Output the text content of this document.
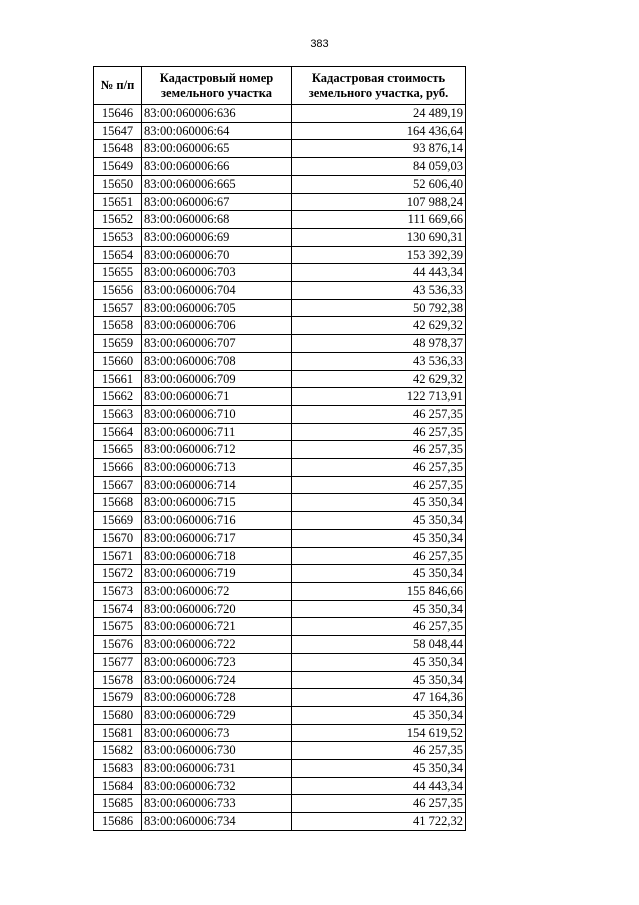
383
№ п/п	Кадастровый номер земельного участка	Кадастровая стоимость земельного участка, руб.
15646	83:00:060006:636	24 489,19
15647	83:00:060006:64	164 436,64
15648	83:00:060006:65	93 876,14
15649	83:00:060006:66	84 059,03
15650	83:00:060006:665	52 606,40
15651	83:00:060006:67	107 988,24
15652	83:00:060006:68	111 669,66
15653	83:00:060006:69	130 690,31
15654	83:00:060006:70	153 392,39
15655	83:00:060006:703	44 443,34
15656	83:00:060006:704	43 536,33
15657	83:00:060006:705	50 792,38
15658	83:00:060006:706	42 629,32
15659	83:00:060006:707	48 978,37
15660	83:00:060006:708	43 536,33
15661	83:00:060006:709	42 629,32
15662	83:00:060006:71	122 713,91
15663	83:00:060006:710	46 257,35
15664	83:00:060006:711	46 257,35
15665	83:00:060006:712	46 257,35
15666	83:00:060006:713	46 257,35
15667	83:00:060006:714	46 257,35
15668	83:00:060006:715	45 350,34
15669	83:00:060006:716	45 350,34
15670	83:00:060006:717	45 350,34
15671	83:00:060006:718	46 257,35
15672	83:00:060006:719	45 350,34
15673	83:00:060006:72	155 846,66
15674	83:00:060006:720	45 350,34
15675	83:00:060006:721	46 257,35
15676	83:00:060006:722	58 048,44
15677	83:00:060006:723	45 350,34
15678	83:00:060006:724	45 350,34
15679	83:00:060006:728	47 164,36
15680	83:00:060006:729	45 350,34
15681	83:00:060006:73	154 619,52
15682	83:00:060006:730	46 257,35
15683	83:00:060006:731	45 350,34
15684	83:00:060006:732	44 443,34
15685	83:00:060006:733	46 257,35
15686	83:00:060006:734	41 722,32
